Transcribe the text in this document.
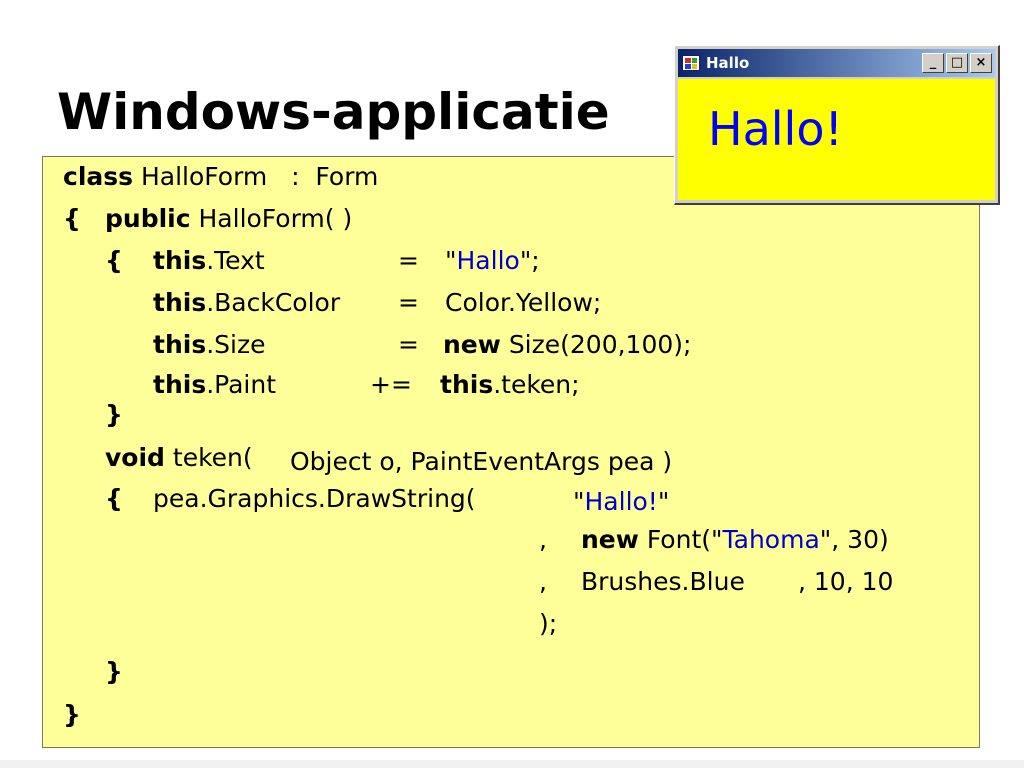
Windows-applicatie
class HalloForm   :  Form
{ public HalloForm( )
{ this.Text	= "Hallo";
this.BackColor = Color.Yellow;
this.Size	= new Size(200,100);
this.Paint	+= this.teken;
}
void teken( Object o, PaintEventArgs pea )
{ pea.Graphics.DrawString(	"Hallo!"
, new Font("Tahoma", 30)
, Brushes.Blue , 10, 10
);
}
}
Hallo	_	□ ×
Hallo!
